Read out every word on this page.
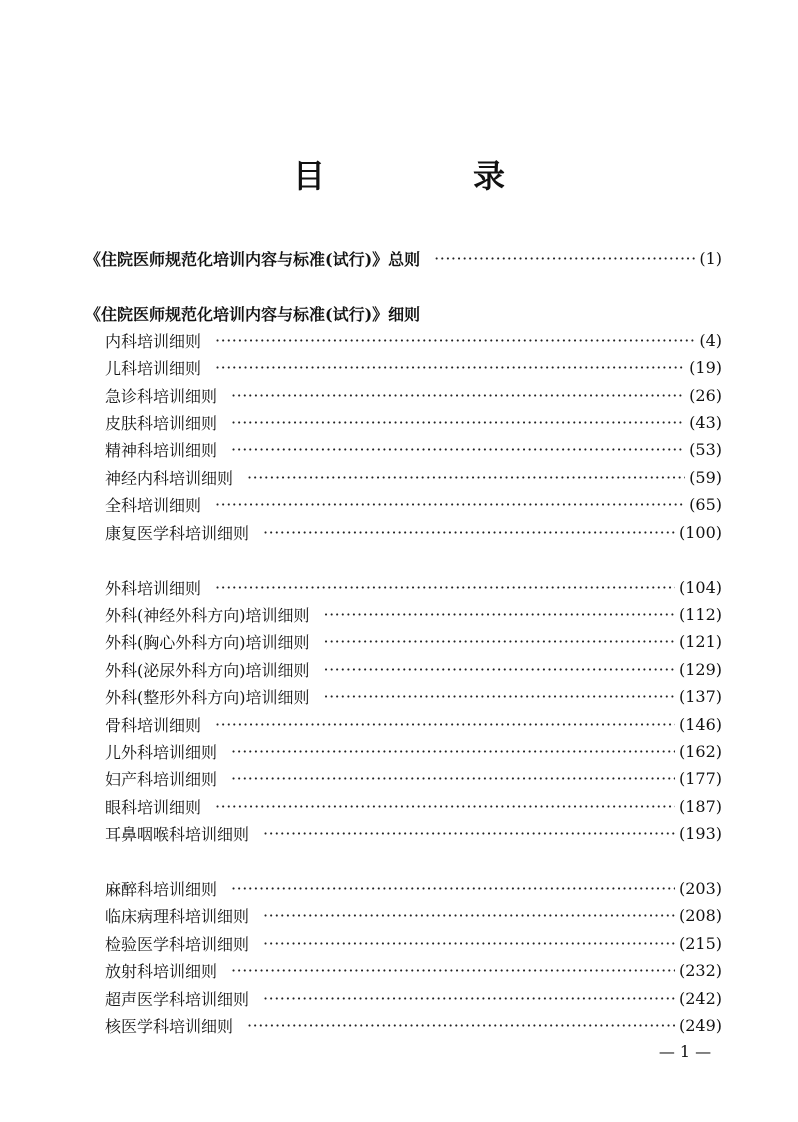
目　录
《住院医师规范化培训内容与标准(试行)》总则 ·····	(1)
《住院医师规范化培训内容与标准(试行)》细则
内科培训细则 ·····	(4)
儿科培训细则 ·····	(19)
急诊科培训细则 ·····	(26)
皮肤科培训细则 ·····	(43)
精神科培训细则 ·····	(53)
神经内科培训细则 ·····	(59)
全科培训细则 ·····	(65)
康复医学科培训细则 ·····	(100)
外科培训细则 ·····	(104)
外科(神经外科方向)培训细则 ·····	(112)
外科(胸心外科方向)培训细则 ·····	(121)
外科(泌尿外科方向)培训细则 ·····	(129)
外科(整形外科方向)培训细则 ·····	(137)
骨科培训细则 ·····	(146)
儿外科培训细则 ·····	(162)
妇产科培训细则 ·····	(177)
眼科培训细则 ·····	(187)
耳鼻咽喉科培训细则 ·····	(193)
麻醉科培训细则 ·····	(203)
临床病理科培训细则 ·····	(208)
检验医学科培训细则 ·····	(215)
放射科培训细则 ·····	(232)
超声医学科培训细则 ·····	(242)
核医学科培训细则 ·····	(249)
— 1 —
